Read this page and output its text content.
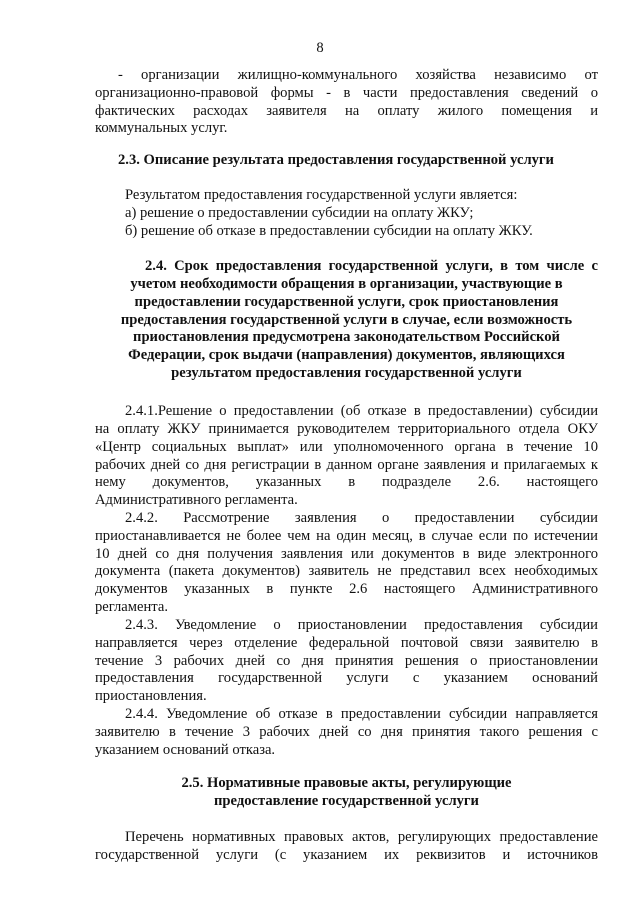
8
- организации жилищно-коммунального хозяйства независимо от
организационно-правовой формы - в части предоставления сведений о
фактических расходах заявителя на оплату жилого помещения и
коммунальных услуг.
2.3. Описание результата предоставления государственной услуги
Результатом предоставления государственной услуги является:
а) решение о предоставлении субсидии на оплату ЖКУ;
б) решение об отказе в предоставлении субсидии на оплату ЖКУ.
2.4. Срок предоставления государственной услуги, в том числе с
учетом необходимости обращения в организации, участвующие в
предоставлении государственной услуги, срок приостановления
предоставления государственной услуги в случае, если возможность
приостановления предусмотрена законодательством Российской
Федерации, срок выдачи (направления) документов, являющихся
результатом предоставления государственной услуги
2.4.1.Решение о предоставлении (об отказе в предоставлении) субсидии
на оплату ЖКУ принимается руководителем территориального отдела ОКУ
«Центр социальных выплат» или уполномоченного органа в течение 10
рабочих дней со дня регистрации в данном органе заявления и прилагаемых к
нему документов, указанных в подразделе 2.6. настоящего
Административного регламента.
2.4.2. Рассмотрение заявления о предоставлении субсидии
приостанавливается не более чем на один месяц, в случае если по истечении
10 дней со дня получения заявления или документов в виде электронного
документа (пакета документов) заявитель не представил всех необходимых
документов указанных в пункте 2.6 настоящего Административного
регламента.
2.4.3. Уведомление о приостановлении предоставления субсидии
направляется через отделение федеральной почтовой связи заявителю в
течение 3 рабочих дней со дня принятия решения о приостановлении
предоставления государственной услуги с указанием оснований
приостановления.
2.4.4. Уведомление об отказе в предоставлении субсидии направляется
заявителю в течение 3 рабочих дней со дня принятия такого решения с
указанием оснований отказа.
2.5. Нормативные правовые акты, регулирующие
предоставление государственной услуги
Перечень нормативных правовых актов, регулирующих предоставление
государственной услуги (с указанием их реквизитов и источников
